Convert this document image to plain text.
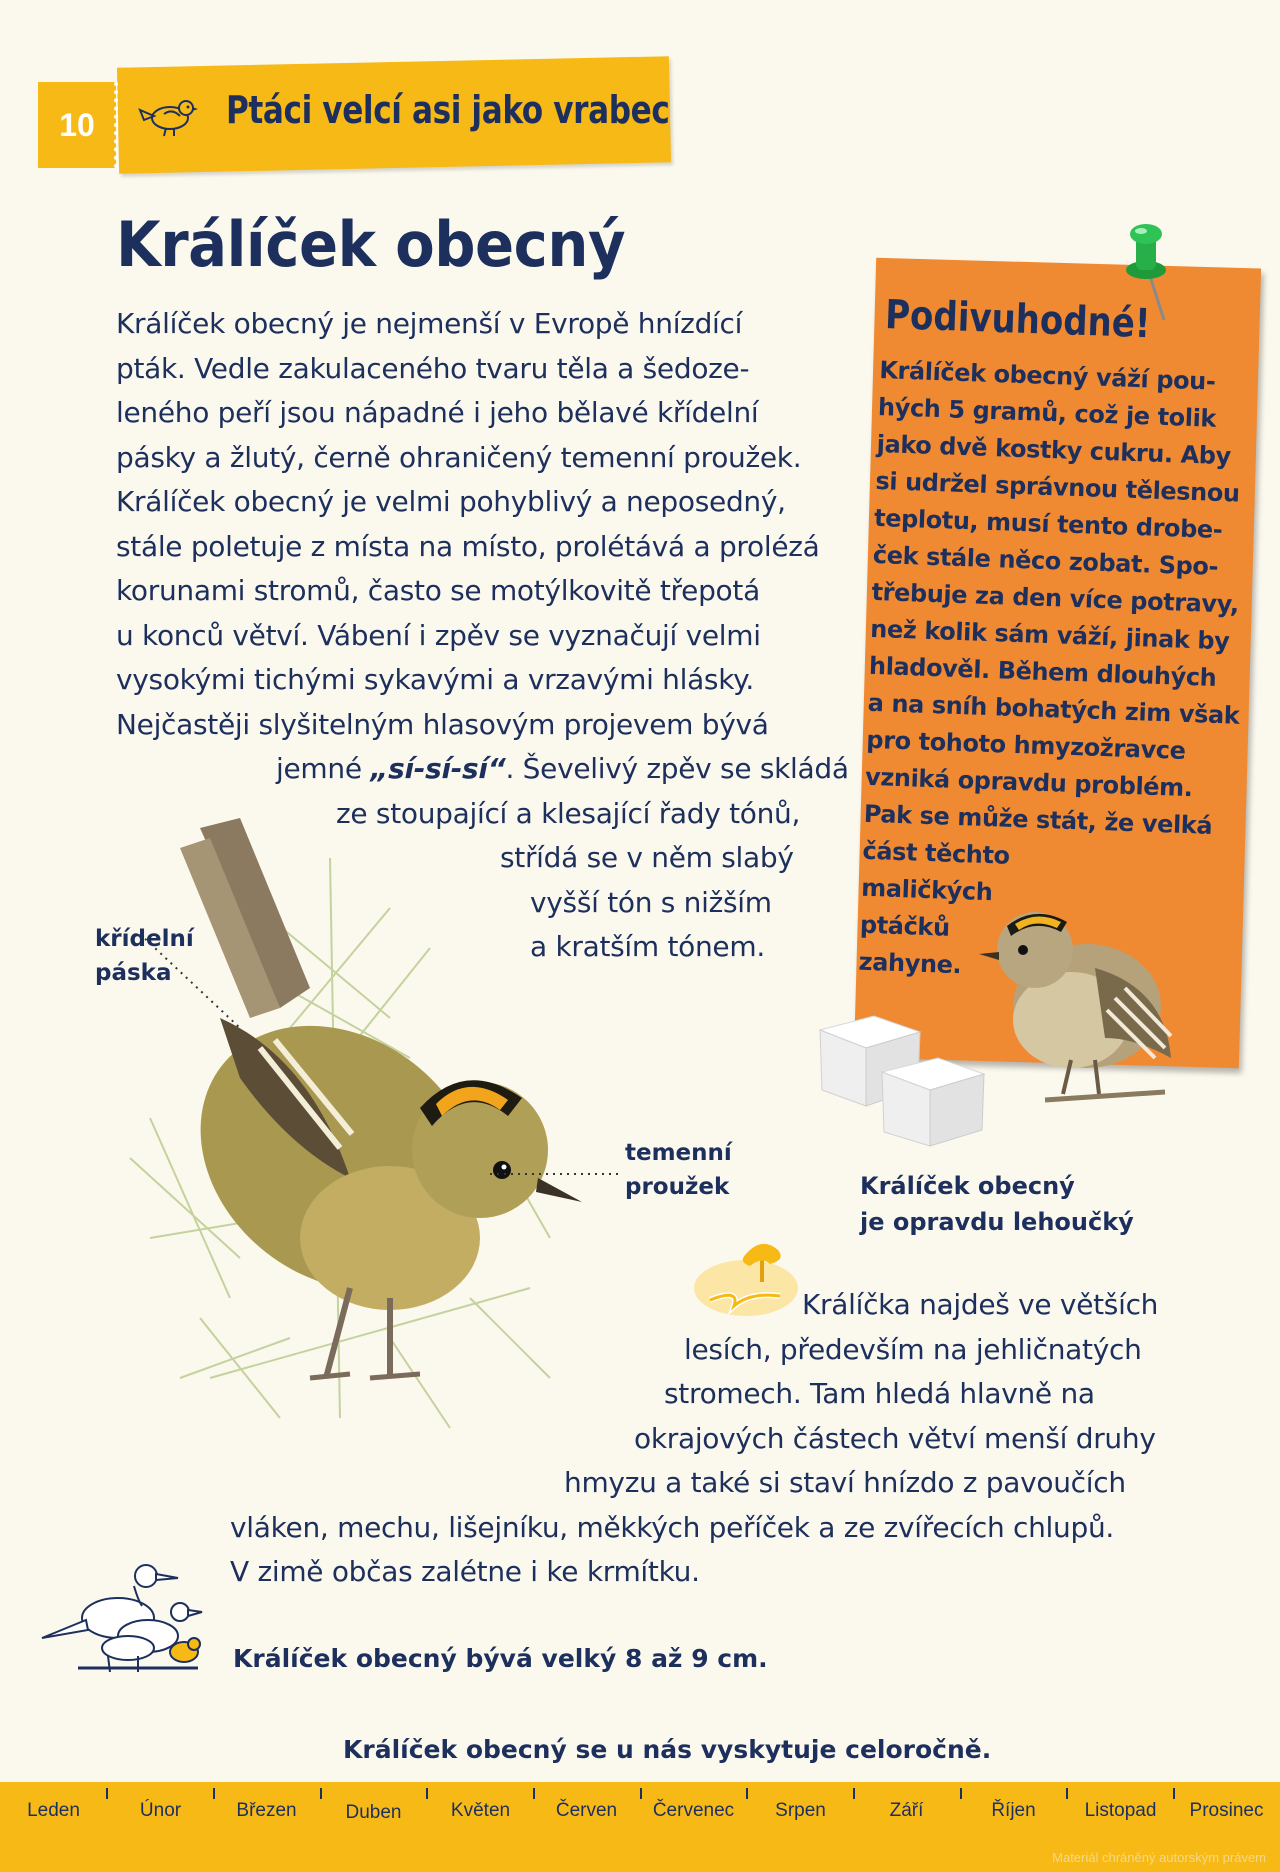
10	Ptáci velcí asi jako vrabec
Králíček obecný
Králíček obecný je nejmenší v Evropě hnízdící
pták. Vedle zakulaceného tvaru těla a šedoze-
leného peří jsou nápadné i jeho bělavé křídelní
pásky a žlutý, černě ohraničený temenní proužek.
Králíček obecný je velmi pohyblivý a neposedný,
stále poletuje z místa na místo, prolétává a prolézá
korunami stromů, často se motýlkovitě třepotá
u konců větví. Vábení i zpěv se vyznačují velmi
vysokými tichými sykavými a vrzavými hlásky.
Nejčastěji slyšitelným hlasovým projevem bývá
jemné „sí-sí-sí“. Ševelivý zpěv se skládá
ze stoupající a klesající řady tónů,
střídá se v něm slabý
vyšší tón s nižším
a kratším tónem.
Podivuhodné!
Králíček obecný váží pou-
hých 5 gramů, což je tolik
jako dvě kostky cukru. Aby
si udržel správnou tělesnou
teplotu, musí tento drobe-
ček stále něco zobat. Spo-
třebuje za den více potravy,
než kolik sám váží, jinak by
hladověl. Během dlouhých
a na sníh bohatých zim však
pro tohoto hmyzožravce
vzniká opravdu problém.
Pak se může stát, že velká
část těchto
maličkých
ptáčků
zahyne.
Králíček obecný
je opravdu lehoučký
křídelní
páska
temenní
proužek
Králíčka najdeš ve větších
lesích, především na jehličnatých
stromech. Tam hledá hlavně na
okrajových částech větví menší druhy
hmyzu a také si staví hnízdo z pavoučích
vláken, mechu, lišejníku, měkkých peříček a ze zvířecích chlupů.
V zimě občas zalétne i ke krmítku.
Králíček obecný bývá velký 8 až 9 cm.
Králíček obecný se u nás vyskytuje celoročně.
Leden	Únor	Březen	Duben	Květen	Červen	Červenec	Srpen	Září	Říjen	Listopad	Prosinec
Materiál chráněný autorským právem
